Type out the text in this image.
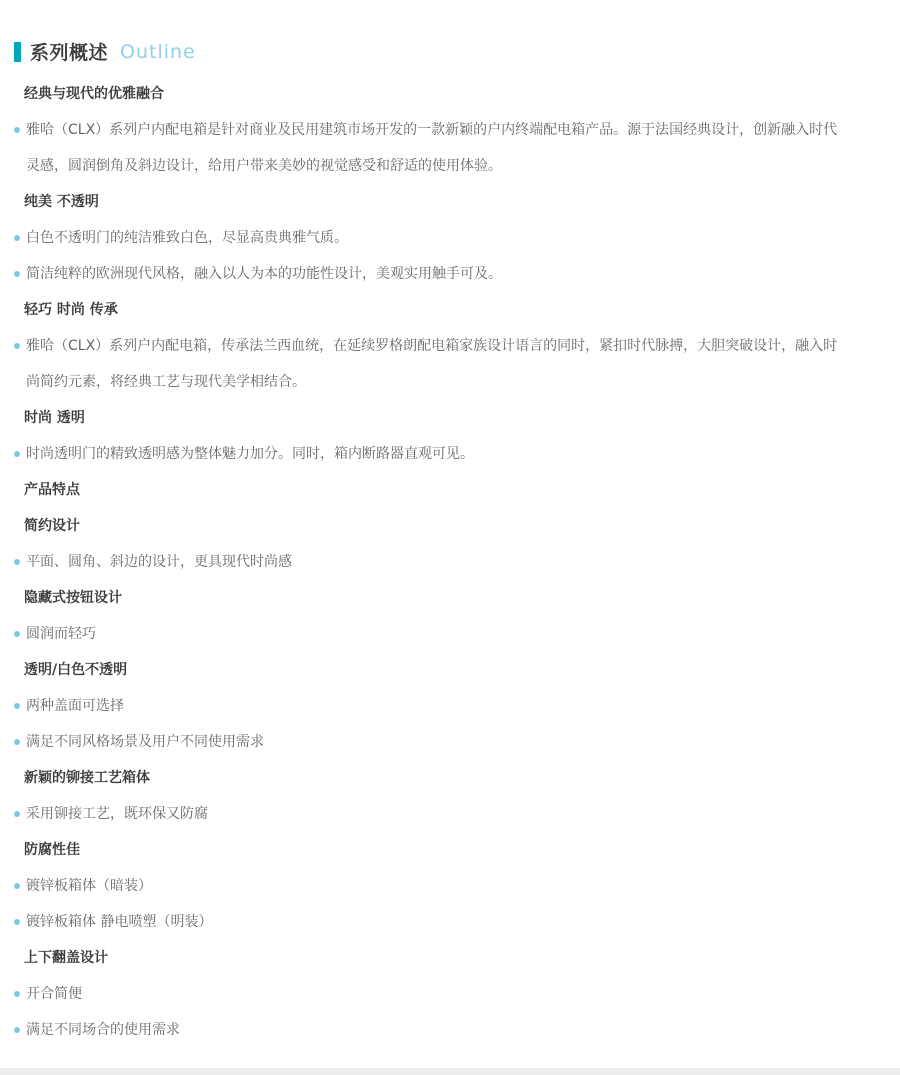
系列概述 Outline
经典与现代的优雅融合
雅哈（CLX）系列户内配电箱是针对商业及民用建筑市场开发的一款新颖的户内终端配电箱产品。源于法国经典设计，创新融入时代灵感，圆润倒角及斜边设计，给用户带来美妙的视觉感受和舒适的使用体验。
纯美 不透明
白色不透明门的纯洁雅致白色，尽显高贵典雅气质。
简洁纯粹的欧洲现代风格，融入以人为本的功能性设计，美观实用触手可及。
轻巧 时尚 传承
雅哈（CLX）系列户内配电箱，传承法兰西血统，在延续罗格朗配电箱家族设计语言的同时，紧扣时代脉搏，大胆突破设计，融入时尚简约元素，将经典工艺与现代美学相结合。
时尚 透明
时尚透明门的精致透明感为整体魅力加分。同时，箱内断路器直观可见。
产品特点
简约设计
平面、圆角、斜边的设计，更具现代时尚感
隐藏式按钮设计
圆润而轻巧
透明/白色不透明
两种盖面可选择
满足不同风格场景及用户不同使用需求
新颖的铆接工艺箱体
采用铆接工艺，既环保又防腐
防腐性佳
镀锌板箱体（暗装）
镀锌板箱体 静电喷塑（明装）
上下翻盖设计
开合简便
满足不同场合的使用需求
